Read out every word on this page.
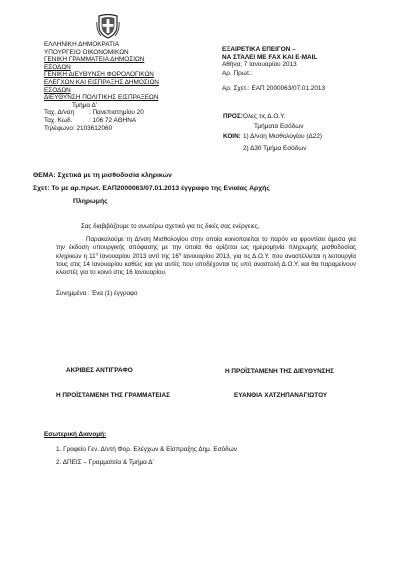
ΕΛΛΗΝΙΚΗ ΔΗΜΟΚΡΑΤΙΑ
ΥΠΟΥΡΓΕΙΟ ΟΙΚΟΝΟΜΙΚΩΝ
ΓΕΝΙΚΗ ΓΡΑΜΜΑΤΕΙΑ ΔΗΜΟΣΙΩΝ
ΕΣΟΔΩΝ
ΓΕΝΙΚΗ ΔΙΕΥΘΥΝΣΗ ΦΟΡΟΛΟΓΙΚΩΝ
ΕΛΕΓΧΩΝ ΚΑΙ ΕΙΣΠΡΑΞΗΣ ΔΗΜΟΣΙΩΝ
ΕΣΟΔΩΝ
ΔΙΕΥΘΥΝΣΗ ΠΟΛΙΤΙΚΗΣ ΕΙΣΠΡΑΞΕΩΝ
Τμήμα Δ'
Ταχ. Δ/νση : Πανεπιστημίου 20
Ταχ. Κωδ.	: 106 72 ΑΘΗΝΑ
Τηλέφωνο: 2103612060
ΕΞΑΙΡΕΤΙΚΑ ΕΠΕΙΓΟΝ –
ΝΑ ΣΤΑΛΕΙ ΜΕ FAX ΚΑΙ E-MAIL
Αθήνα, 7 Ιανουαρίου 2013
Αρ. Πρωτ.:
Αρ. Σχετ.: ΕΑΠ 2000063/07.01.2013
ΠΡΟΣ: Όλες τις Δ.Ο.Υ.
Τμήματα Εσόδων
ΚΟΙΝ: 1) Δ/νση Μισθολογίου (Δ22)
2) Δ30 Τμήμα Εσόδων
ΘΕΜΑ: Σχετικά με τη μισθοδοσία κληρικών
Σχετ: Το με αρ.πρωτ. ΕΑΠ2000063/07.01.2013 έγγραφο της Ενιαίας Αρχής
Πληρωμής
Σας διαβιβάζουμε το ανωτέρω σχετικό για τις δικές σας ενέργειες.
Παρακαλούμε τη Δ/νση Μισθολογίου στην οποία κοινοποιείται το παρόν να φροντίσει άμεσα για την έκδοση υπουργικής απόφασης με την οποία θα ορίζεται ως ημερομηνία πληρωμής μισθοδοσίας κληρικών η $11^\eta$ Ιανουαρίου 2013 αντί της $16^\eta$ Ιανουαρίου 2013, για τις Δ.Ο.Υ. που αναστέλλεται η λειτουργία τους στις 14 Ιανουαρίου καθώς και για αυτές που υποδέχονται τις υπό αναστολή Δ.Ο.Υ. και θα παραμείνουν κλειστές για το κοινό στις 16 Ιανουαρίου.
Συνημμένα : Ένα (1) έγγραφο
ΑΚΡΙΒΕΣ ΑΝΤΙΓΡΑΦΟ
Η ΠΡΟΪΣΤΑΜΕΝΗ ΤΗΣ ΓΡΑΜΜΑΤΕΙΑΣ
Η ΠΡΟΪΣΤΑΜΕΝΗ ΤΗΣ ΔΙΕΥΘΥΝΣΗΣ
ΕΥΑΝΘΙΑ ΧΑΤΖΗΠΑΝΑΓΙΩΤΟΥ
Εσωτερική Διανομή:
1. Γραφείο Γεν. Δ/ντή Φορ. Ελέγχων & Είσπραξης Δημ. Εσόδων
2. ΔΠΕΙΣ – Γραμματεία & Τμήμα Δ'
